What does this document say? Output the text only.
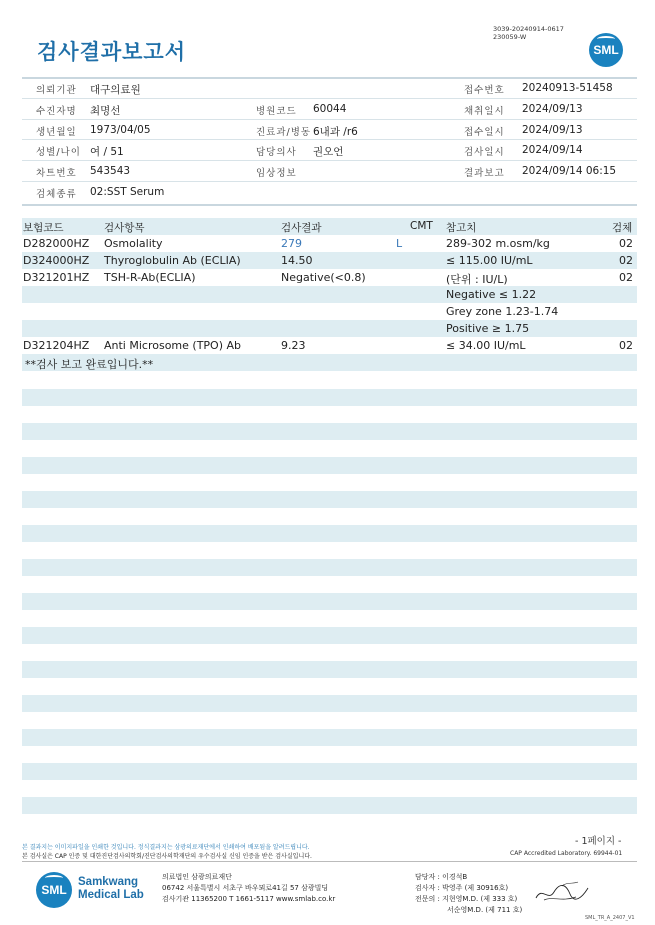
3039-20240914-0617
230059-W
검사결과보고서	SML
의뢰기관 대구의료원	접수번호 20240913-51458
수진자명 최명선	병원코드 60044	채취일시 2024/09/13
생년월일 1973/04/05	진료과/병동 6내과 /r6	접수일시 2024/09/13
성별/나이 여 / 51	담당의사 권오언	검사일시 2024/09/14
차트번호 543543	임상정보	결과보고 2024/09/14 06:15
검체종류 02:SST Serum
보험코드	검사항목	검사결과	CMT 참고치	검체
D282000HZ Osmolality	279	L	289-302 m.osm/kg	02
D324000HZ Thyroglobulin Ab (ECLIA)	14.50	≤ 115.00 IU/mL	02
D321201HZ TSH-R-Ab(ECLIA)	Negative(<0.8)	(단위 : IU/L)	02
Negative ≤ 1.22
Grey zone 1.23-1.74
Positive ≥ 1.75
D321204HZ Anti Microsome (TPO) Ab	9.23	≤ 34.00 IU/mL	02
**검사 보고 완료입니다.**
- 1페이지 -
본 결과지는 이미지파일을 인쇄한 것입니다. 정식결과지는 삼광의료재단에서 인쇄하여 배포됨을 알려드립니다.
본 검사실은 CAP 인증 및 대한진단검사의학회/진단검사의학재단의 우수검사실 신임 인증을 받은 검사실입니다.	CAP Accredited Laboratory. 69944-01
SML
Samkwang
Medical Lab
의료법인 삼광의료재단
06742 서울특별시 서초구 바우뫼로41길 57 삼광빌딩
검사기관 11365200 T 1661-5117 www.smlab.co.kr
담당자 : 이경석B
검사자 : 박영주 (제 30916호)
전문의 : 지현영M.D. (제 333 호)
서순영M.D. (제 711 호)
SML_TR_A_2407_V1
